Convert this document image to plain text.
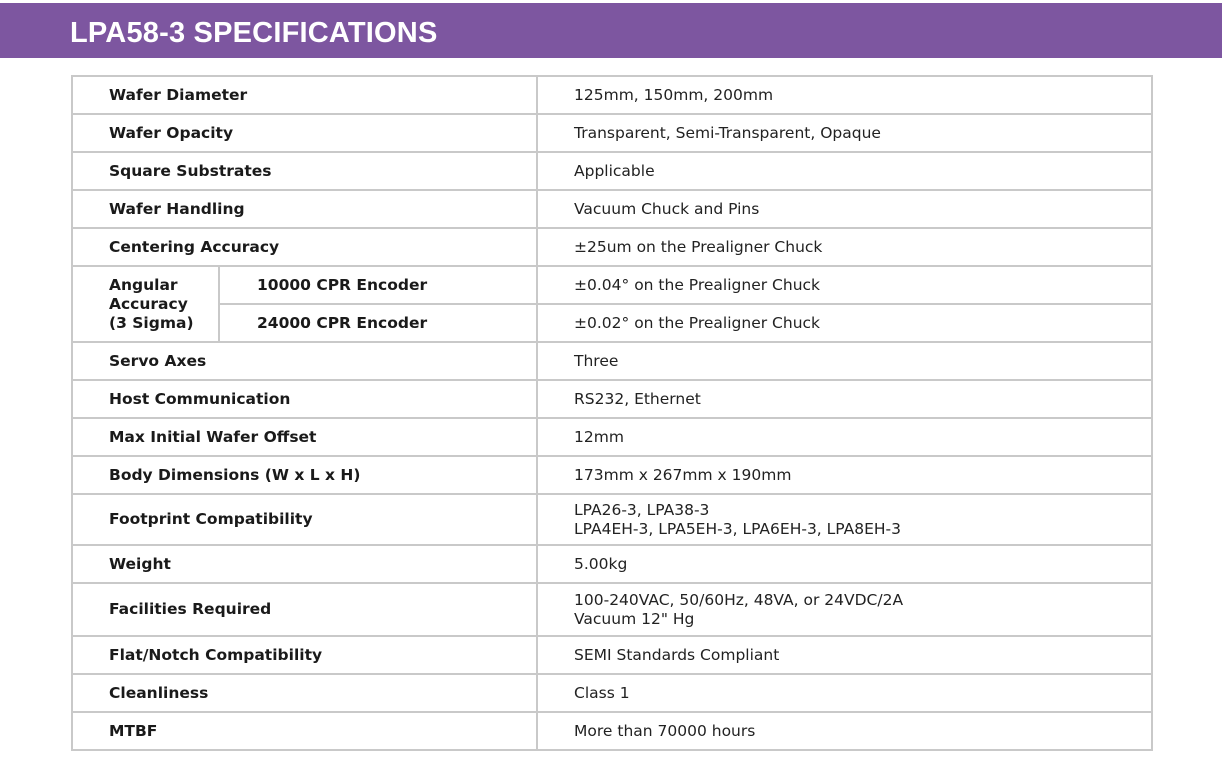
LPA58-3 SPECIFICATIONS
Wafer Diameter		125mm, 150mm, 200mm

Wafer Opacity		Transparent, Semi-Transparent, Opaque

Square Substrates		Applicable

Wafer Handling		Vacuum Chuck and Pins

Centering Accuracy		±25um on the Prealigner Chuck

Angular
Accuracy
(3 Sigma)	10000 CPR Encoder	±0.04° on the Prealigner Chuck

	24000 CPR Encoder	±0.02° on the Prealigner Chuck

Servo Axes		Three

Host Communication		RS232, Ethernet

Max Initial Wafer Offset		12mm

Body Dimensions (W x L x H)		173mm x 267mm x 190mm

Footprint Compatibility		LPA26-3, LPA38-3
LPA4EH-3, LPA5EH-3, LPA6EH-3, LPA8EH-3

Weight		5.00kg

Facilities Required		100-240VAC, 50/60Hz, 48VA, or 24VDC/2A
Vacuum 12" Hg

Flat/Notch Compatibility		SEMI Standards Compliant

Cleanliness		Class 1

MTBF		More than 70000 hours
